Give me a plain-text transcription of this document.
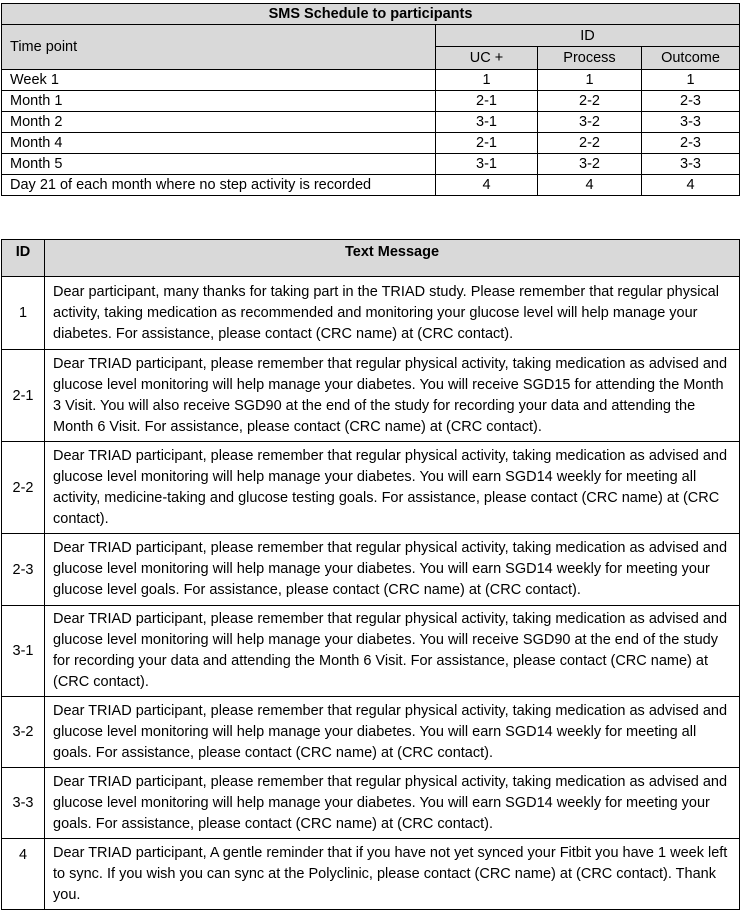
SMS Schedule to participants			
Time point	ID		
	UC +	Process	Outcome
Week 1	1	1	1
Month 1	2-1	2-2	2-3
Month 2	3-1	3-2	3-3
Month 4	2-1	2-2	2-3
Month 5	3-1	3-2	3-3
Day 21 of each month where no step activity is recorded	4	4	4
ID	Text Message
1	Dear participant, many thanks for taking part in the TRIAD study. Please remember that regular physical activity, taking medication as recommended and monitoring your glucose level will help manage your diabetes. For assistance, please contact (CRC name) at (CRC contact).
2-1	Dear TRIAD participant, please remember that regular physical activity, taking medication as advised and glucose level monitoring will help manage your diabetes. You will receive SGD15 for attending the Month 3 Visit. You will also receive SGD90 at the end of the study for recording your data and attending the Month 6 Visit. For assistance, please contact (CRC name) at (CRC contact).
2-2	Dear TRIAD participant, please remember that regular physical activity, taking medication as advised and glucose level monitoring will help manage your diabetes. You will earn SGD14 weekly for meeting all activity, medicine-taking and glucose testing goals. For assistance, please contact (CRC name) at (CRC contact).
2-3	Dear TRIAD participant, please remember that regular physical activity, taking medication as advised and glucose level monitoring will help manage your diabetes. You will earn SGD14 weekly for meeting your glucose level goals. For assistance, please contact (CRC name) at (CRC contact).
3-1	Dear TRIAD participant, please remember that regular physical activity, taking medication as advised and glucose level monitoring will help manage your diabetes. You will receive SGD90 at the end of the study for recording your data and attending the Month 6 Visit. For assistance, please contact (CRC name) at (CRC contact).
3-2	Dear TRIAD participant, please remember that regular physical activity, taking medication as advised and glucose level monitoring will help manage your diabetes. You will earn SGD14 weekly for meeting all goals. For assistance, please contact (CRC name) at (CRC contact).
3-3	Dear TRIAD participant, please remember that regular physical activity, taking medication as advised and glucose level monitoring will help manage your diabetes. You will earn SGD14 weekly for meeting your goals. For assistance, please contact (CRC name) at (CRC contact).
4	Dear TRIAD participant, A gentle reminder that if you have not yet synced your Fitbit you have 1 week left to sync. If you wish you can sync at the Polyclinic, please contact (CRC name) at (CRC contact). Thank you.
